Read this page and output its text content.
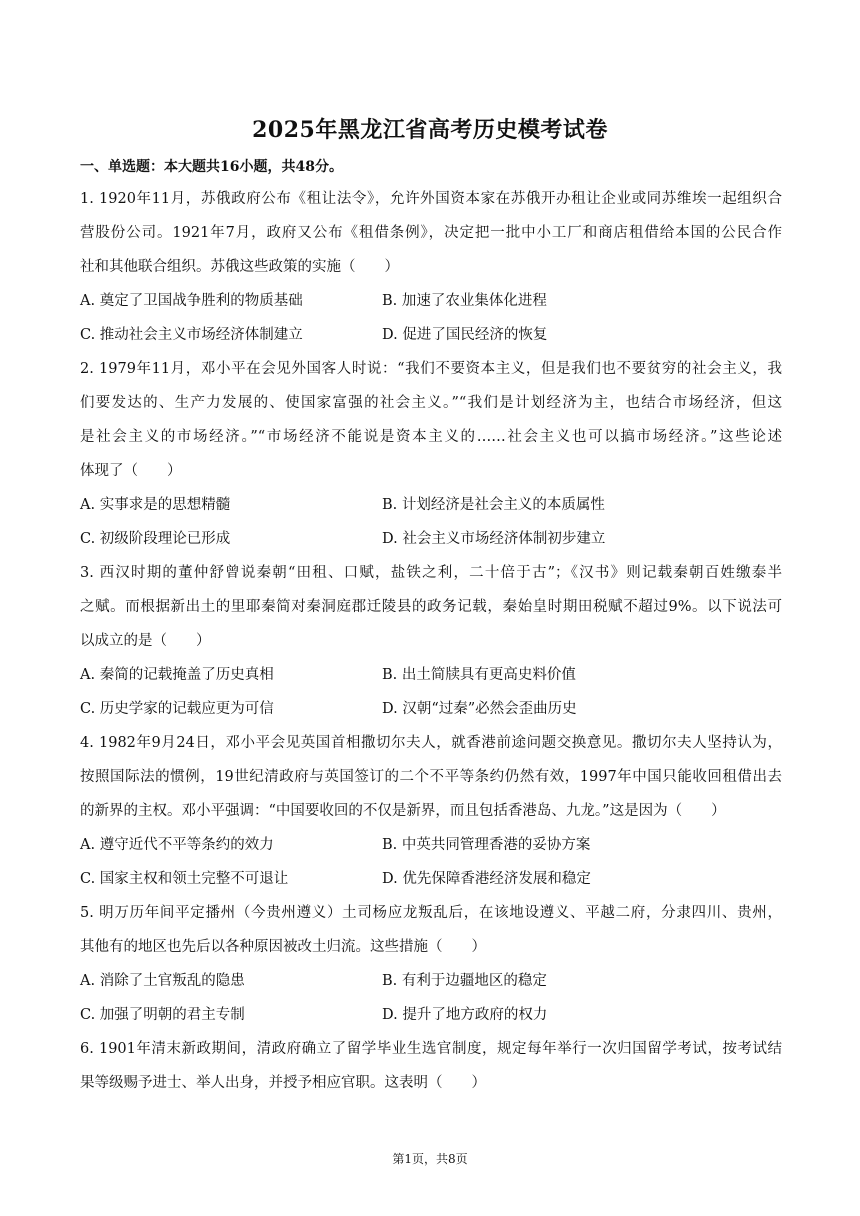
2025年黑龙江省高考历史模考试卷
一、单选题：本大题共16小题，共48分。
1. 1920年11月，苏俄政府公布《租让法令》，允许外国资本家在苏俄开办租让企业或同苏维埃一起组织合
营股份公司。1921年7月，政府又公布《租借条例》，决定把一批中小工厂和商店租借给本国的公民合作
社和其他联合组织。苏俄这些政策的实施（　　）
A. 奠定了卫国战争胜利的物质基础	B. 加速了农业集体化进程
C. 推动社会主义市场经济体制建立	D. 促进了国民经济的恢复
2. 1979年11月，邓小平在会见外国客人时说：“我们不要资本主义，但是我们也不要贫穷的社会主义，我
们要发达的、生产力发展的、使国家富强的社会主义。”“我们是计划经济为主，也结合市场经济，但这
是社会主义的市场经济。”“市场经济不能说是资本主义的……社会主义也可以搞市场经济。”这些论述
体现了（　　）
A. 实事求是的思想精髓	B. 计划经济是社会主义的本质属性
C. 初级阶段理论已形成	D. 社会主义市场经济体制初步建立
3. 西汉时期的董仲舒曾说秦朝“田租、口赋，盐铁之利，二十倍于古”；《汉书》则记载秦朝百姓缴泰半
之赋。而根据新出土的里耶秦简对秦洞庭郡迁陵县的政务记载，秦始皇时期田税赋不超过9%。以下说法可
以成立的是（　　）
A. 秦简的记载掩盖了历史真相	B. 出土简牍具有更高史料价值
C. 历史学家的记载应更为可信	D. 汉朝“过秦”必然会歪曲历史
4. 1982年9月24日，邓小平会见英国首相撒切尔夫人，就香港前途问题交换意见。撒切尔夫人坚持认为，
按照国际法的惯例，19世纪清政府与英国签订的二个不平等条约仍然有效，1997年中国只能收回租借出去
的新界的主权。邓小平强调：“中国要收回的不仅是新界，而且包括香港岛、九龙。”这是因为（　　）
A. 遵守近代不平等条约的效力	B. 中英共同管理香港的妥协方案
C. 国家主权和领土完整不可退让	D. 优先保障香港经济发展和稳定
5. 明万历年间平定播州（今贵州遵义）土司杨应龙叛乱后，在该地设遵义、平越二府，分隶四川、贵州，
其他有的地区也先后以各种原因被改土归流。这些措施（　　）
A. 消除了土官叛乱的隐患	B. 有利于边疆地区的稳定
C. 加强了明朝的君主专制	D. 提升了地方政府的权力
6. 1901年清末新政期间，清政府确立了留学毕业生选官制度，规定每年举行一次归国留学考试，按考试结
果等级赐予进士、举人出身，并授予相应官职。这表明（　　）
第1页，共8页
